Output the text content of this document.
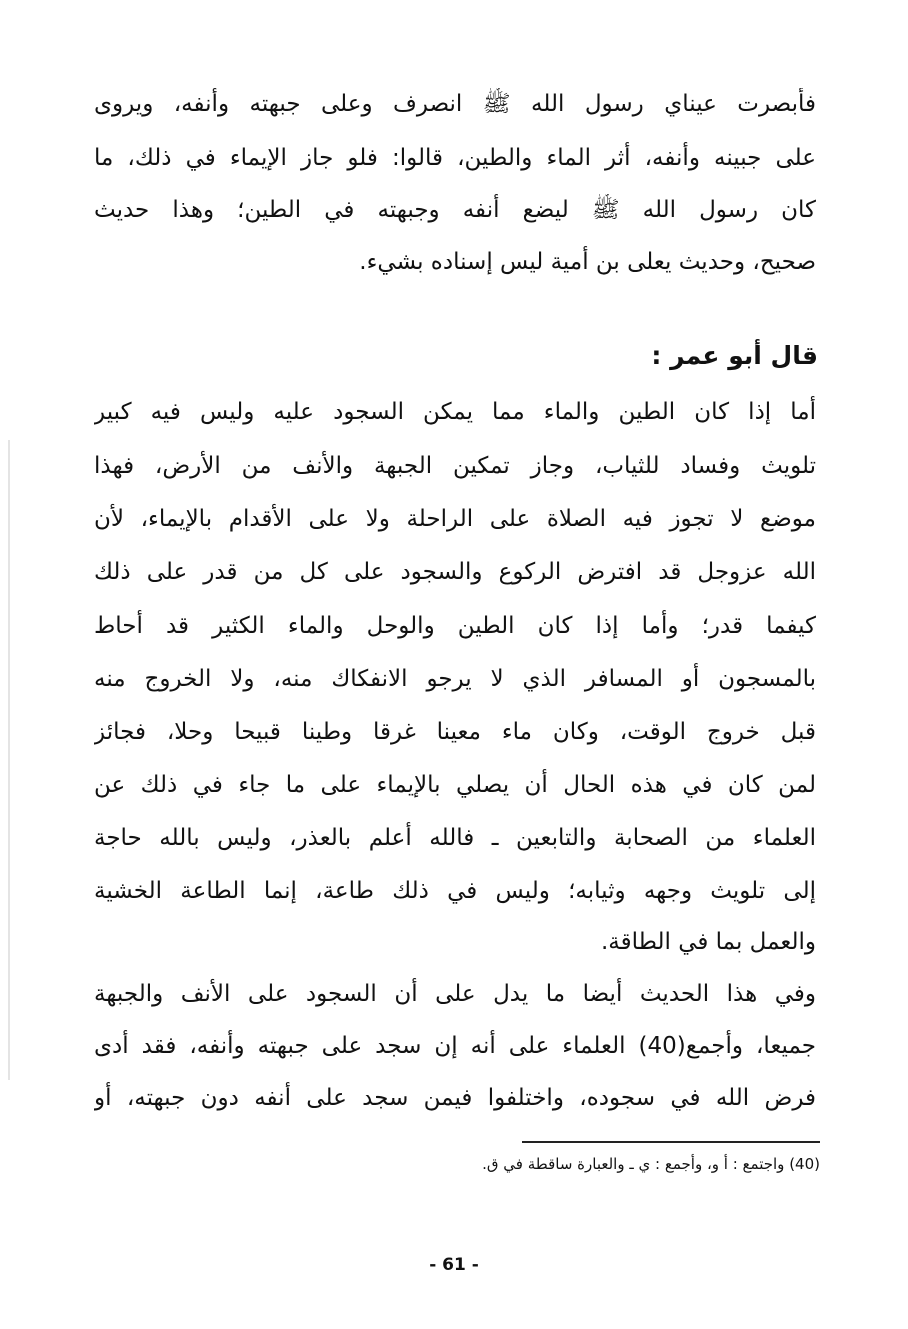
فأبصرت عيناي رسول الله ﷺ انصرف وعلى جبهته وأنفه، ويروى
على جبينه وأنفه، أثر الماء والطين، قالوا: فلو جاز الإيماء في ذلك، ما
كان رسول الله ﷺ ليضع أنفه وجبهته في الطين؛ وهذا حديث
صحيح، وحديث يعلى بن أمية ليس إسناده بشيء.
قال أبو عمر :
أما إذا كان الطين والماء مما يمكن السجود عليه وليس فيه كبير
تلويث وفساد للثياب، وجاز تمكين الجبهة والأنف من الأرض، فهذا
موضع لا تجوز فيه الصلاة على الراحلة ولا على الأقدام بالإيماء، لأن
الله عزوجل قد افترض الركوع والسجود على كل من قدر على ذلك
كيفما قدر؛ وأما إذا كان الطين والوحل والماء الكثير قد أحاط
بالمسجون أو المسافر الذي لا يرجو الانفكاك منه، ولا الخروج منه
قبل خروج الوقت، وكان ماء معينا غرقا وطينا قبيحا وحلا، فجائز
لمن كان في هذه الحال أن يصلي بالإيماء على ما جاء في ذلك عن
العلماء من الصحابة والتابعين ـ فالله أعلم بالعذر، وليس بالله حاجة
إلى تلويث وجهه وثيابه؛ وليس في ذلك طاعة، إنما الطاعة الخشية
والعمل بما في الطاقة.
وفي هذا الحديث أيضا ما يدل على أن السجود على الأنف والجبهة
جميعا، وأجمع(40) العلماء على أنه إن سجد على جبهته وأنفه، فقد أدى
فرض الله في سجوده، واختلفوا فيمن سجد على أنفه دون جبهته، أو
(40) واجتمع : أ و، وأجمع : ي ـ والعبارة ساقطة في ق.
- 61 -
